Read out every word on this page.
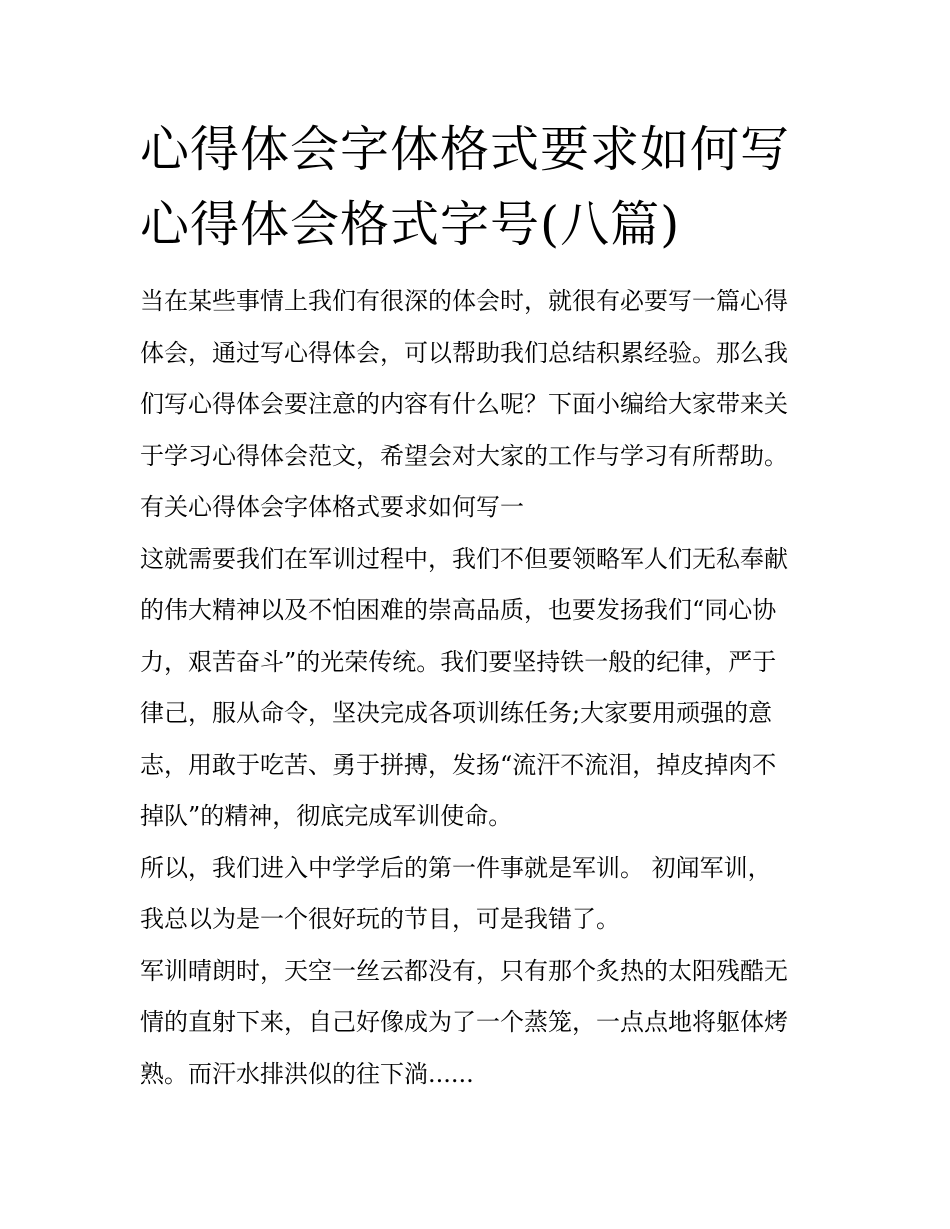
心得体会字体格式要求如何写
心得体会格式字号(八篇)

当在某些事情上我们有很深的体会时，就很有必要写一篇心得
体会，通过写心得体会，可以帮助我们总结积累经验。那么我
们写心得体会要注意的内容有什么呢？下面小编给大家带来关
于学习心得体会范文，希望会对大家的工作与学习有所帮助。

有关心得体会字体格式要求如何写一

这就需要我们在军训过程中，我们不但要领略军人们无私奉献
的伟大精神以及不怕困难的崇高品质，也要发扬我们“同心协
力，艰苦奋斗”的光荣传统。我们要坚持铁一般的纪律，严于
律己，服从命令，坚决完成各项训练任务;大家要用顽强的意
志，用敢于吃苦、勇于拼搏，发扬“流汗不流泪，掉皮掉肉不
掉队”的精神，彻底完成军训使命。

所以，我们进入中学学后的第一件事就是军训。 初闻军训，
我总以为是一个很好玩的节目，可是我错了。

军训晴朗时，天空一丝云都没有，只有那个炙热的太阳残酷无
情的直射下来，自己好像成为了一个蒸笼，一点点地将躯体烤
熟。而汗水排洪似的往下淌......
